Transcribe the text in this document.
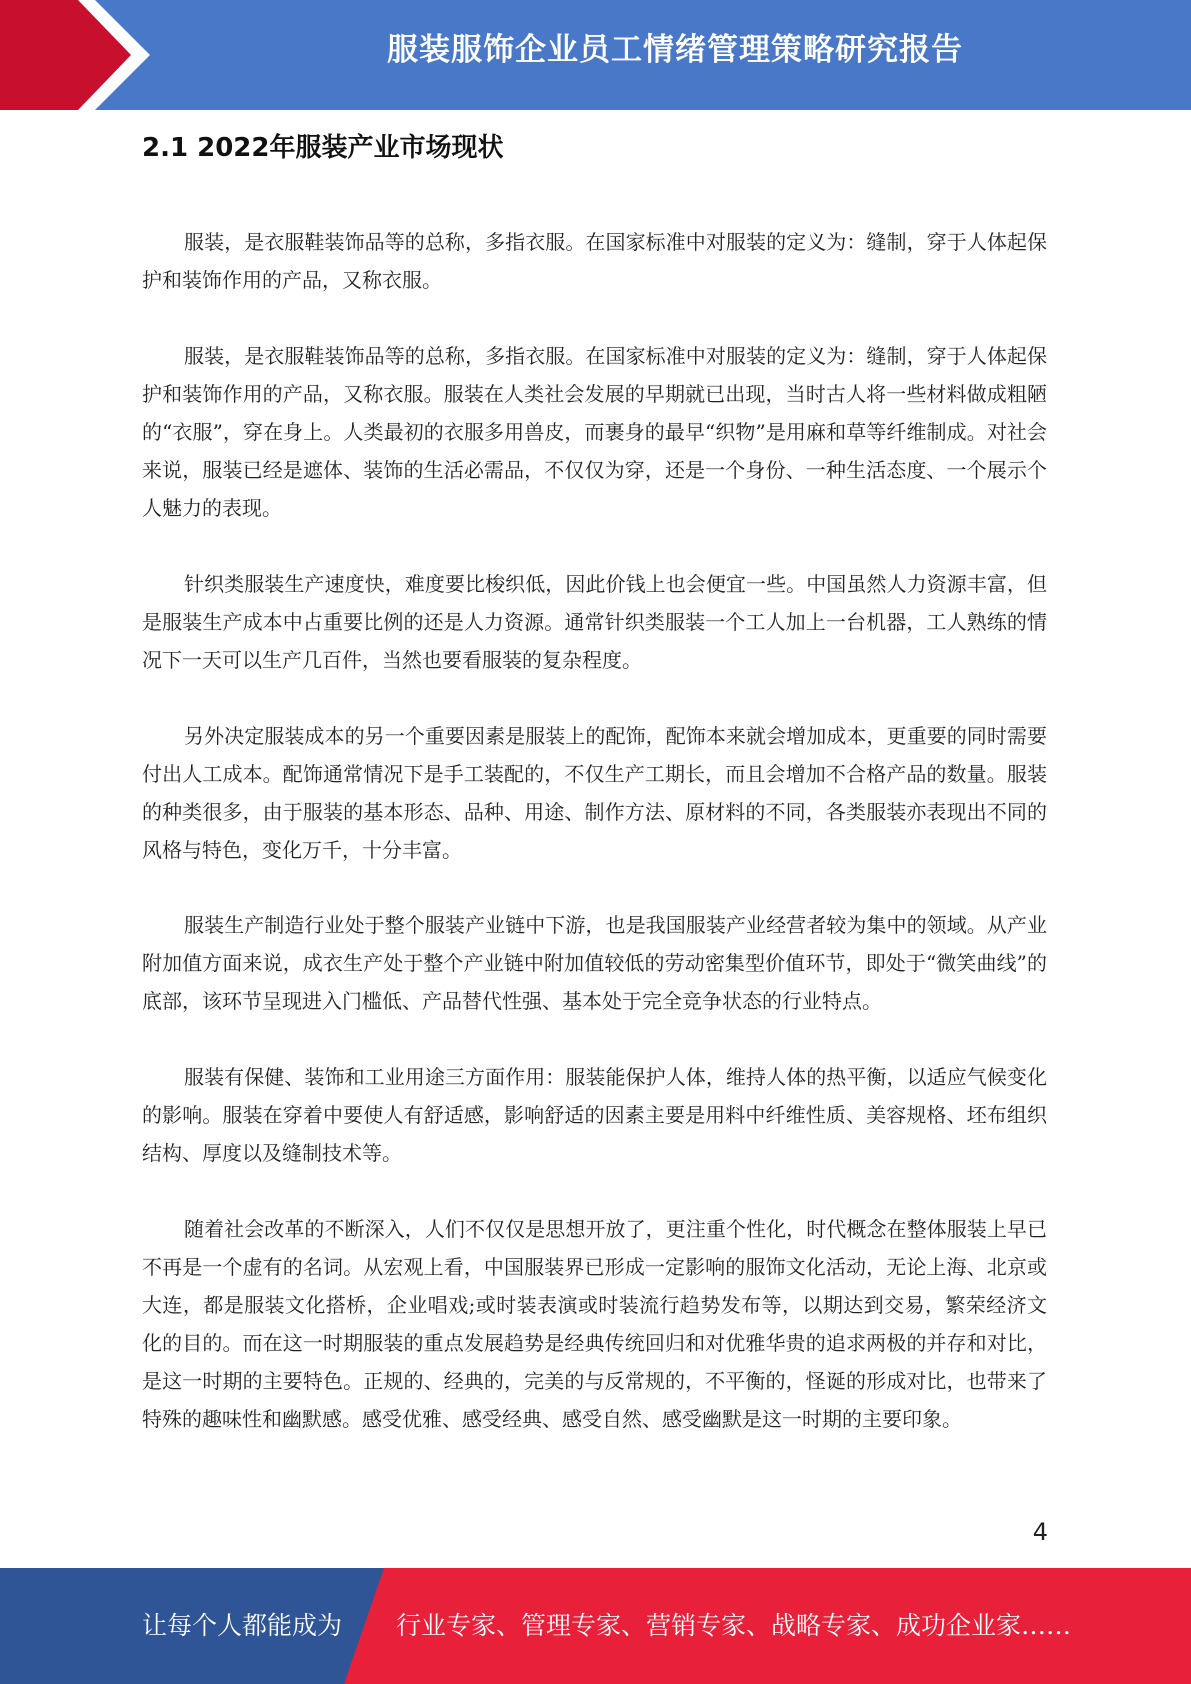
服装服饰企业员工情绪管理策略研究报告
2.1 2022年服装产业市场现状

服装，是衣服鞋装饰品等的总称，多指衣服。在国家标准中对服装的定义为：缝制，穿于人体起保护和装饰作用的产品，又称衣服。

服装，是衣服鞋装饰品等的总称，多指衣服。在国家标准中对服装的定义为：缝制，穿于人体起保护和装饰作用的产品，又称衣服。服装在人类社会发展的早期就已出现，当时古人将一些材料做成粗陋的“衣服”，穿在身上。人类最初的衣服多用兽皮，而裹身的最早“织物”是用麻和草等纤维制成。对社会来说，服装已经是遮体、装饰的生活必需品，不仅仅为穿，还是一个身份、一种生活态度、一个展示个人魅力的表现。

针织类服装生产速度快，难度要比梭织低，因此价钱上也会便宜一些。中国虽然人力资源丰富，但是服装生产成本中占重要比例的还是人力资源。通常针织类服装一个工人加上一台机器，工人熟练的情况下一天可以生产几百件，当然也要看服装的复杂程度。

另外决定服装成本的另一个重要因素是服装上的配饰，配饰本来就会增加成本，更重要的同时需要付出人工成本。配饰通常情况下是手工装配的，不仅生产工期长，而且会增加不合格产品的数量。服装的种类很多，由于服装的基本形态、品种、用途、制作方法、原材料的不同，各类服装亦表现出不同的风格与特色，变化万千，十分丰富。

服装生产制造行业处于整个服装产业链中下游，也是我国服装产业经营者较为集中的领域。从产业附加值方面来说，成衣生产处于整个产业链中附加值较低的劳动密集型价值环节，即处于“微笑曲线”的底部，该环节呈现进入门槛低、产品替代性强、基本处于完全竞争状态的行业特点。

服装有保健、装饰和工业用途三方面作用：服装能保护人体，维持人体的热平衡，以适应气候变化的影响。服装在穿着中要使人有舒适感，影响舒适的因素主要是用料中纤维性质、美容规格、坯布组织结构、厚度以及缝制技术等。

随着社会改革的不断深入，人们不仅仅是思想开放了，更注重个性化，时代概念在整体服装上早已不再是一个虚有的名词。从宏观上看，中国服装界已形成一定影响的服饰文化活动，无论上海、北京或大连，都是服装文化搭桥，企业唱戏;或时装表演或时装流行趋势发布等，以期达到交易，繁荣经济文化的目的。而在这一时期服装的重点发展趋势是经典传统回归和对优雅华贵的追求两极的并存和对比，是这一时期的主要特色。正规的、经典的，完美的与反常规的，不平衡的，怪诞的形成对比，也带来了特殊的趣味性和幽默感。感受优雅、感受经典、感受自然、感受幽默是这一时期的主要印象。

4
让每个人都能成为 行业专家、管理专家、营销专家、战略专家、成功企业家……
